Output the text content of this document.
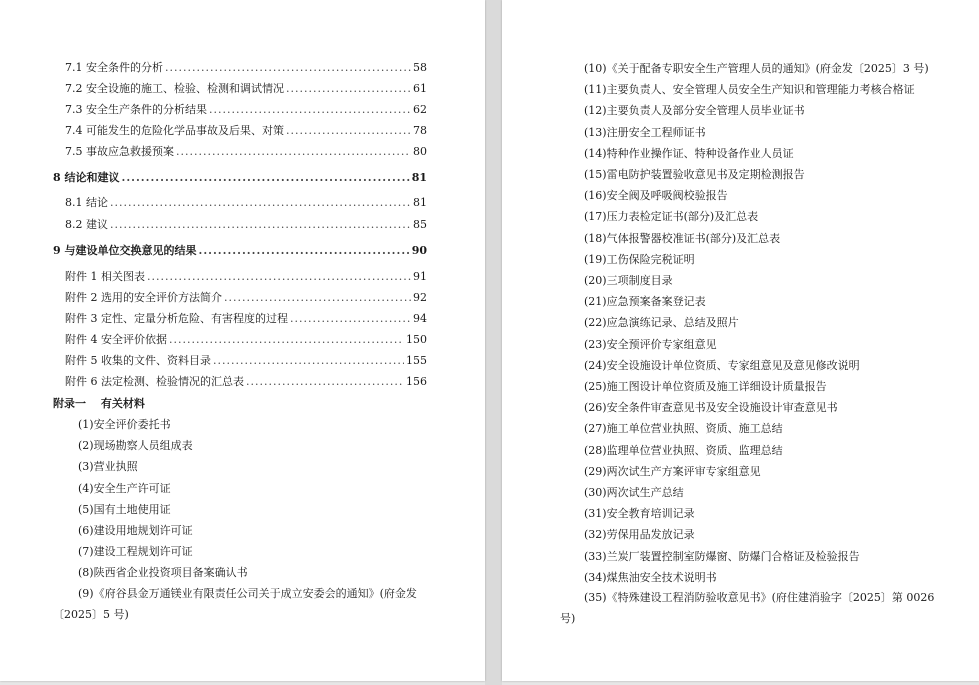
7.1 安全条件的分析 .....	58
7.2 安全设施的施工、检验、检测和调试情况 .....	61
7.3 安全生产条件的分析结果 .....	62
7.4 可能发生的危险化学品事故及后果、对策 .....	78
7.5 事故应急救援预案 .....	80
8 结论和建议 .....	81
8.1 结论 .....	81
8.2 建议 .....	85
9 与建设单位交换意见的结果 .....	90
附件 1 相关图表 .....	91
附件 2 选用的安全评价方法简介 .....	92
附件 3 定性、定量分析危险、有害程度的过程 .....	94
附件 4 安全评价依据 .....	150
附件 5 收集的文件、资料目录 .....	155
附件 6 法定检测、检验情况的汇总表 .....	156
附录一　 有关材料
(1)安全评价委托书
(2)现场勘察人员组成表
(3)营业执照
(4)安全生产许可证
(5)国有土地使用证
(6)建设用地规划许可证
(7)建设工程规划许可证
(8)陕西省企业投资项目备案确认书
(9)《府谷县金万通镁业有限责任公司关于成立安委会的通知》(府金发
〔2025〕5 号)
(10)《关于配备专职安全生产管理人员的通知》(府金发〔2025〕3 号)
(11)主要负责人、安全管理人员安全生产知识和管理能力考核合格证
(12)主要负责人及部分安全管理人员毕业证书
(13)注册安全工程师证书
(14)特种作业操作证、特种设备作业人员证
(15)雷电防护装置验收意见书及定期检测报告
(16)安全阀及呼吸阀校验报告
(17)压力表检定证书(部分)及汇总表
(18)气体报警器校准证书(部分)及汇总表
(19)工伤保险完税证明
(20)三项制度目录
(21)应急预案备案登记表
(22)应急演练记录、总结及照片
(23)安全预评价专家组意见
(24)安全设施设计单位资质、专家组意见及意见修改说明
(25)施工图设计单位资质及施工详细设计质量报告
(26)安全条件审查意见书及安全设施设计审查意见书
(27)施工单位营业执照、资质、施工总结
(28)监理单位营业执照、资质、监理总结
(29)两次试生产方案评审专家组意见
(30)两次试生产总结
(31)安全教育培训记录
(32)劳保用品发放记录
(33)兰炭厂装置控制室防爆窗、防爆门合格证及检验报告
(34)煤焦油安全技术说明书
(35)《特殊建设工程消防验收意见书》(府住建消验字〔2025〕第 0026
号)
